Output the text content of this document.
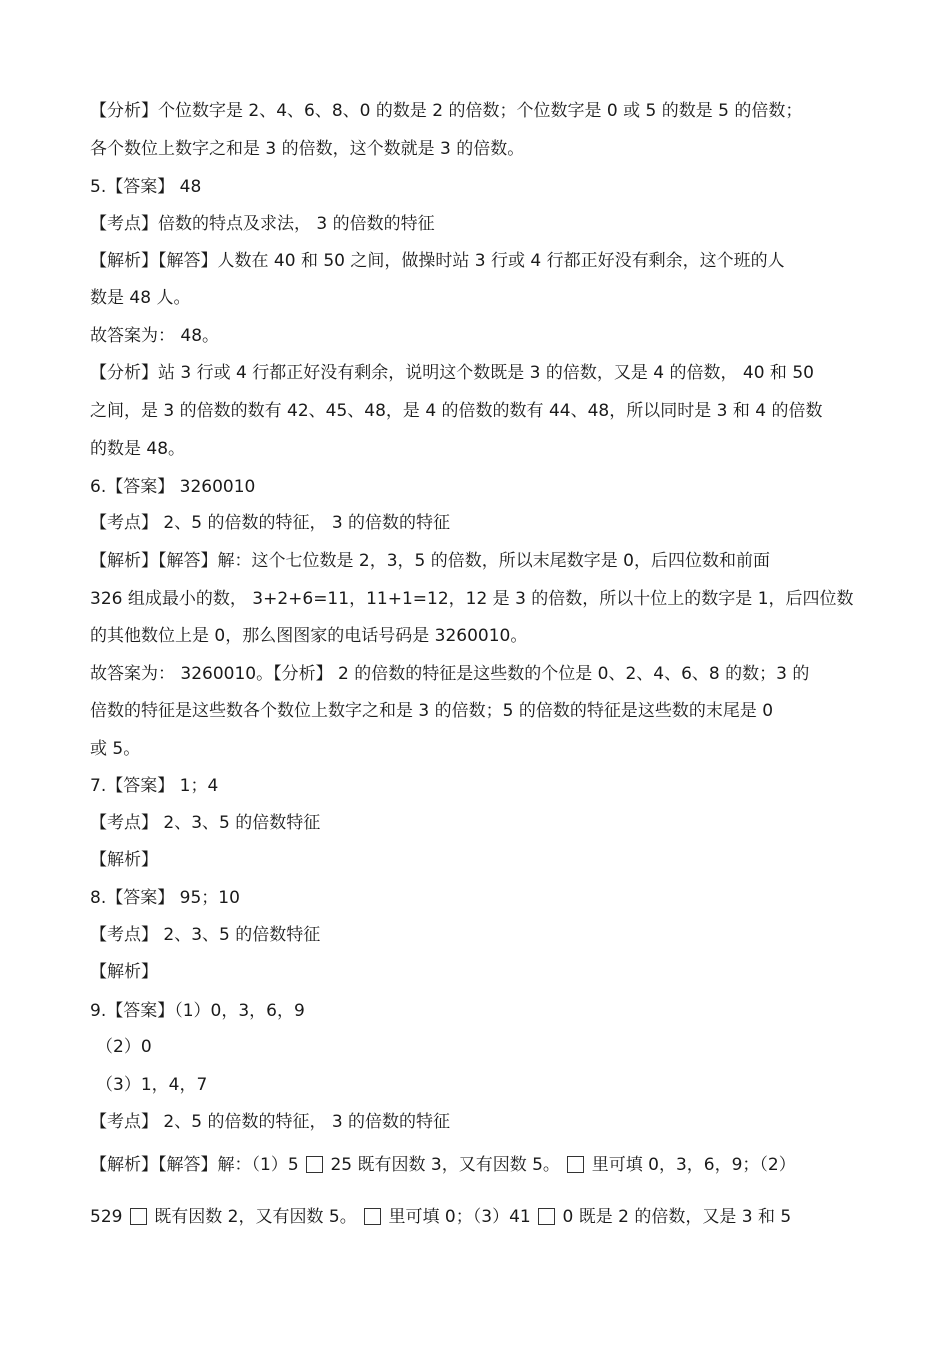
【分析】个位数字是 2、4、6、8、0 的数是 2 的倍数；个位数字是 0 或 5 的数是 5 的倍数；
各个数位上数字之和是 3 的倍数，这个数就是 3 的倍数。
5.【答案】 48
【考点】倍数的特点及求法， 3 的倍数的特征
【解析】【解答】人数在 40 和 50 之间，做操时站 3 行或 4 行都正好没有剩余，这个班的人
数是 48 人。
故答案为： 48。
【分析】站 3 行或 4 行都正好没有剩余，说明这个数既是 3 的倍数，又是 4 的倍数， 40 和 50
之间，是 3 的倍数的数有 42、45、48，是 4 的倍数的数有 44、48，所以同时是 3 和 4 的倍数
的数是 48。
6.【答案】 3260010
【考点】 2、5 的倍数的特征， 3 的倍数的特征
【解析】【解答】解：这个七位数是 2，3，5 的倍数，所以末尾数字是 0，后四位数和前面
326 组成最小的数， 3+2+6=11，11+1=12，12 是 3 的倍数，所以十位上的数字是 1，后四位数
的其他数位上是 0，那么图图家的电话号码是 3260010。
故答案为： 3260010。【分析】 2 的倍数的特征是这些数的个位是 0、2、4、6、8 的数；3 的
倍数的特征是这些数各个数位上数字之和是 3 的倍数；5 的倍数的特征是这些数的末尾是 0
或 5。
7.【答案】 1；4
【考点】 2、3、5 的倍数特征
【解析】
8.【答案】 95；10
【考点】 2、3、5 的倍数特征
【解析】
9.【答案】（1）0，3，6，9
（2）0
（3）1，4，7
【考点】 2、5 的倍数的特征， 3 的倍数的特征
【解析】【解答】解：（1）5 25 既有因数 3，又有因数 5。 里可填 0，3，6，9；（2）
529 既有因数 2，又有因数 5。 里可填 0；（3）41 0 既是 2 的倍数，又是 3 和 5
